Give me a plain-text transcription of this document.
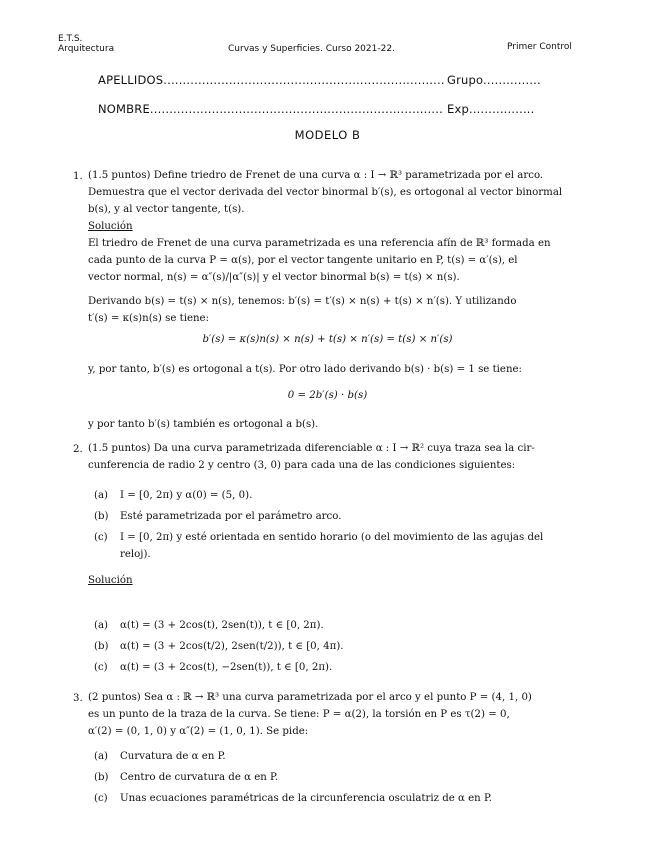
E.T.S.
Arquitectura	Curvas y Superficies. Curso 2021-22.	Primer Control
APELLIDOS......................................................................... Grupo...............
NOMBRE............................................................................ Exp.................
MODELO B
1. (1.5 puntos) Define triedro de Frenet de una curva α : I → ℝ³ parametrizada por el arco.
Demuestra que el vector derivada del vector binormal b′(s), es ortogonal al vector binormal
b(s), y al vector tangente, t(s).
Solución
El triedro de Frenet de una curva parametrizada es una referencia afín de ℝ³ formada en
cada punto de la curva P = α(s), por el vector tangente unitario en P, t(s) = α′(s), el
vector normal, n(s) = α″(s)/|α″(s)| y el vector binormal b(s) = t(s) × n(s).
Derivando b(s) = t(s) × n(s), tenemos: b′(s) = t′(s) × n(s) + t(s) × n′(s). Y utilizando
t′(s) = κ(s)n(s) se tiene:
b′(s) = κ(s)n(s) × n(s) + t(s) × n′(s) = t(s) × n′(s)
y, por tanto, b′(s) es ortogonal a t(s). Por otro lado derivando b(s) · b(s) = 1 se tiene:
0 = 2b′(s) · b(s)
y por tanto b′(s) también es ortogonal a b(s).
2. (1.5 puntos) Da una curva parametrizada diferenciable α : I → ℝ² cuya traza sea la cir-
cunferencia de radio 2 y centro (3, 0) para cada una de las condiciones siguientes:
(a) I = [0, 2π) y α(0) = (5, 0).
(b) Esté parametrizada por el parámetro arco.
(c) I = [0, 2π) y esté orientada en sentido horario (o del movimiento de las agujas del
reloj).
Solución
(a) α(t) = (3 + 2cos(t), 2sen(t)), t ∈ [0, 2π).
(b) α(t) = (3 + 2cos(t/2), 2sen(t/2)), t ∈ [0, 4π).
(c) α(t) = (3 + 2cos(t), −2sen(t)), t ∈ [0, 2π).
3. (2 puntos) Sea α : ℝ → ℝ³ una curva parametrizada por el arco y el punto P = (4, 1, 0)
es un punto de la traza de la curva. Se tiene: P = α(2), la torsión en P es τ(2) = 0,
α′(2) = (0, 1, 0) y α″(2) = (1, 0, 1). Se pide:
(a) Curvatura de α en P.
(b) Centro de curvatura de α en P.
(c) Unas ecuaciones paramétricas de la circunferencia osculatriz de α en P.
